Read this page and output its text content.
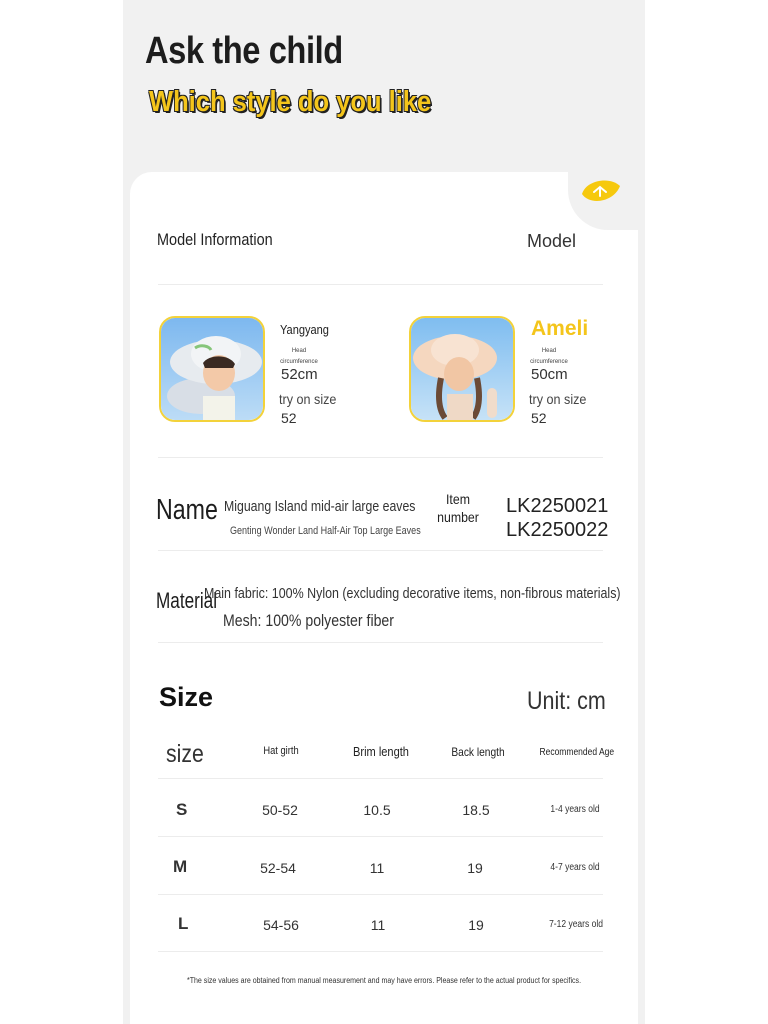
Ask the child
Which style do you like
Model Information	Model
Yangyang
Head
circumference
52cm
try on size
52
Ameli
Head
circumference
50cm
try on size
52
Name Miguang Island mid-air large eaves
Genting Wonder Land Half-Air Top Large Eaves
Item
number LK2250021
LK2250022
Material
Main fabric: 100% Nylon (excluding decorative items, non-fibrous materials)
Mesh: 100% polyester fiber
Size	Unit: cm
size	Hat girth	Brim length	Back length	Recommended Age
S	50-52	10.5	18.5	1-4 years old
M	52-54	11	19	4-7 years old
L	54-56	11	19	7-12 years old
*The size values are obtained from manual measurement and may have errors. Please refer to the actual product for specifics.
